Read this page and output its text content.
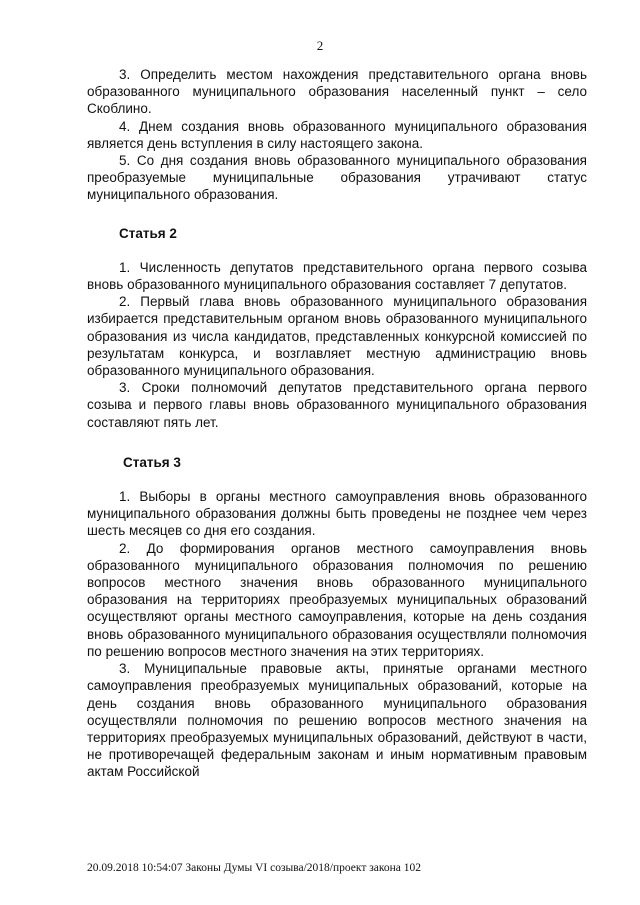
2

3. Определить местом нахождения представительного органа вновь образованного муниципального образования населенный пункт – село Скоблино.

4. Днем создания вновь образованного муниципального образования является день вступления в силу настоящего закона.

5. Со дня создания вновь образованного муниципального образования преобразуемые муниципальные образования утрачивают статус муниципального образования.

Статья 2

1. Численность депутатов представительного органа первого созыва вновь образованного муниципального образования составляет 7 депутатов.

2. Первый глава вновь образованного муниципального образования избирается представительным органом вновь образованного муниципального образования из числа кандидатов, представленных конкурсной комиссией по результатам конкурса, и возглавляет местную администрацию вновь образованного муниципального образования.

3. Сроки полномочий депутатов представительного органа первого созыва и первого главы вновь образованного муниципального образования составляют пять лет.

Статья 3

1. Выборы в органы местного самоуправления вновь образованного муниципального образования должны быть проведены не позднее чем через шесть месяцев со дня его создания.

2. До формирования органов местного самоуправления вновь образованного муниципального образования полномочия по решению вопросов местного значения вновь образованного муниципального образования на территориях преобразуемых муниципальных образований осуществляют органы местного самоуправления, которые на день создания вновь образованного муниципального образования осуществляли полномочия по решению вопросов местного значения на этих территориях.

3. Муниципальные правовые акты, принятые органами местного самоуправления преобразуемых муниципальных образований, которые на день создания вновь образованного муниципального образования осуществляли полномочия по решению вопросов местного значения на территориях преобразуемых муниципальных образований, действуют в части, не противоречащей федеральным законам и иным нормативным правовым актам Российской

20.09.2018 10:54:07 Законы Думы VI созыва/2018/проект закона 102
